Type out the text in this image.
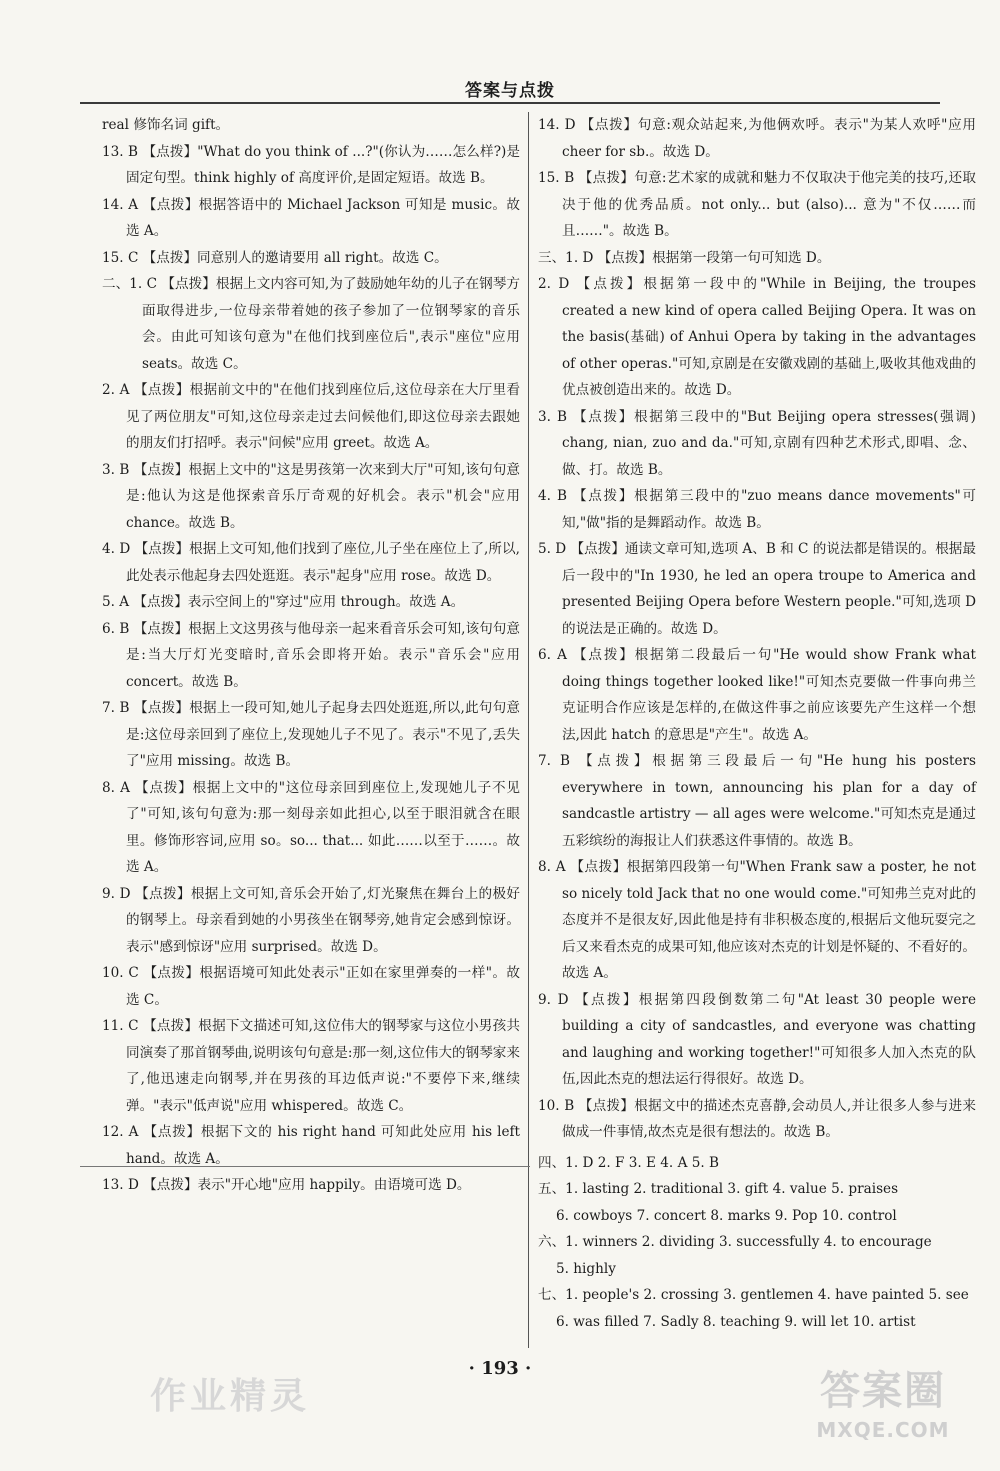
答案与点拨

real 修饰名词 gift。

13. B 【点拨】"What do you think of ...?"(你认为……怎么样?)是固定句型。think highly of 高度评价,是固定短语。故选 B。

14. A 【点拨】根据答语中的 Michael Jackson 可知是 music。故选 A。

15. C 【点拨】同意别人的邀请要用 all right。故选 C。

二、1. C 【点拨】根据上文内容可知,为了鼓励她年幼的儿子在钢琴方面取得进步,一位母亲带着她的孩子参加了一位钢琴家的音乐会。由此可知该句意为"在他们找到座位后",表示"座位"应用 seats。故选 C。

2. A 【点拨】根据前文中的"在他们找到座位后,这位母亲在大厅里看见了两位朋友"可知,这位母亲走过去问候他们,即这位母亲去跟她的朋友们打招呼。表示"问候"应用 greet。故选 A。

3. B 【点拨】根据上文中的"这是男孩第一次来到大厅"可知,该句句意是:他认为这是他探索音乐厅奇观的好机会。表示"机会"应用 chance。故选 B。

4. D 【点拨】根据上文可知,他们找到了座位,儿子坐在座位上了,所以,此处表示他起身去四处逛逛。表示"起身"应用 rose。故选 D。

5. A 【点拨】表示空间上的"穿过"应用 through。故选 A。

6. B 【点拨】根据上文这男孩与他母亲一起来看音乐会可知,该句句意是:当大厅灯光变暗时,音乐会即将开始。表示"音乐会"应用 concert。故选 B。

7. B 【点拨】根据上一段可知,她儿子起身去四处逛逛,所以,此句句意是:这位母亲回到了座位上,发现她儿子不见了。表示"不见了,丢失了"应用 missing。故选 B。

8. A 【点拨】根据上文中的"这位母亲回到座位上,发现她儿子不见了"可知,该句句意为:那一刻母亲如此担心,以至于眼泪就含在眼里。修饰形容词,应用 so。so... that... 如此……以至于……。故选 A。

9. D 【点拨】根据上文可知,音乐会开始了,灯光聚焦在舞台上的极好的钢琴上。母亲看到她的小男孩坐在钢琴旁,她肯定会感到惊讶。表示"感到惊讶"应用 surprised。故选 D。

10. C 【点拨】根据语境可知此处表示"正如在家里弹奏的一样"。故选 C。

11. C 【点拨】根据下文描述可知,这位伟大的钢琴家与这位小男孩共同演奏了那首钢琴曲,说明该句句意是:那一刻,这位伟大的钢琴家来了,他迅速走向钢琴,并在男孩的耳边低声说:"不要停下来,继续弹。"表示"低声说"应用 whispered。故选 C。

12. A 【点拨】根据下文的 his right hand 可知此处应用 his left hand。故选 A。

13. D 【点拨】表示"开心地"应用 happily。由语境可选 D。

14. D 【点拨】句意:观众站起来,为他俩欢呼。表示"为某人欢呼"应用 cheer for sb.。故选 D。

15. B 【点拨】句意:艺术家的成就和魅力不仅取决于他完美的技巧,还取决于他的优秀品质。not only... but (also)... 意为"不仅……而且……"。故选 B。

三、1. D 【点拨】根据第一段第一句可知选 D。

2. D 【点拨】根据第一段中的"While in Beijing, the troupes created a new kind of opera called Beijing Opera. It was on the basis(基础) of Anhui Opera by taking in the advantages of other operas."可知,京剧是在安徽戏剧的基础上,吸收其他戏曲的优点被创造出来的。故选 D。

3. B 【点拨】根据第三段中的"But Beijing opera stresses(强调) chang, nian, zuo and da."可知,京剧有四种艺术形式,即唱、念、做、打。故选 B。

4. B 【点拨】根据第三段中的"zuo means dance movements"可知,"做"指的是舞蹈动作。故选 B。

5. D 【点拨】通读文章可知,选项 A、B 和 C 的说法都是错误的。根据最后一段中的"In 1930, he led an opera troupe to America and presented Beijing Opera before Western people."可知,选项 D 的说法是正确的。故选 D。

6. A 【点拨】根据第二段最后一句"He would show Frank what doing things together looked like!"可知杰克要做一件事向弗兰克证明合作应该是怎样的,在做这件事之前应该要先产生这样一个想法,因此 hatch 的意思是"产生"。故选 A。

7. B 【点拨】根据第三段最后一句"He hung his posters everywhere in town, announcing his plan for a day of sandcastle artistry — all ages were welcome."可知杰克是通过五彩缤纷的海报让人们获悉这件事情的。故选 B。

8. A 【点拨】根据第四段第一句"When Frank saw a poster, he not so nicely told Jack that no one would come."可知弗兰克对此的态度并不是很友好,因此他是持有非积极态度的,根据后文他玩耍完之后又来看杰克的成果可知,他应该对杰克的计划是怀疑的、不看好的。故选 A。

9. D 【点拨】根据第四段倒数第二句"At least 30 people were building a city of sandcastles, and everyone was chatting and laughing and working together!"可知很多人加入杰克的队伍,因此杰克的想法运行得很好。故选 D。

10. B 【点拨】根据文中的描述杰克喜静,会动员人,并让很多人参与进来做成一件事情,故杰克是很有想法的。故选 B。

四、1. D 2. F 3. E 4. A 5. B

五、1. lasting 2. traditional 3. gift 4. value 5. praises

6. cowboys 7. concert 8. marks 9. Pop 10. control

六、1. winners 2. dividing 3. successfully 4. to encourage

5. highly

七、1. people's 2. crossing 3. gentlemen 4. have painted 5. see

6. was filled 7. Sadly 8. teaching 9. will let 10. artist

· 193 ·
作业精灵	答案圈
MXQE.COM
